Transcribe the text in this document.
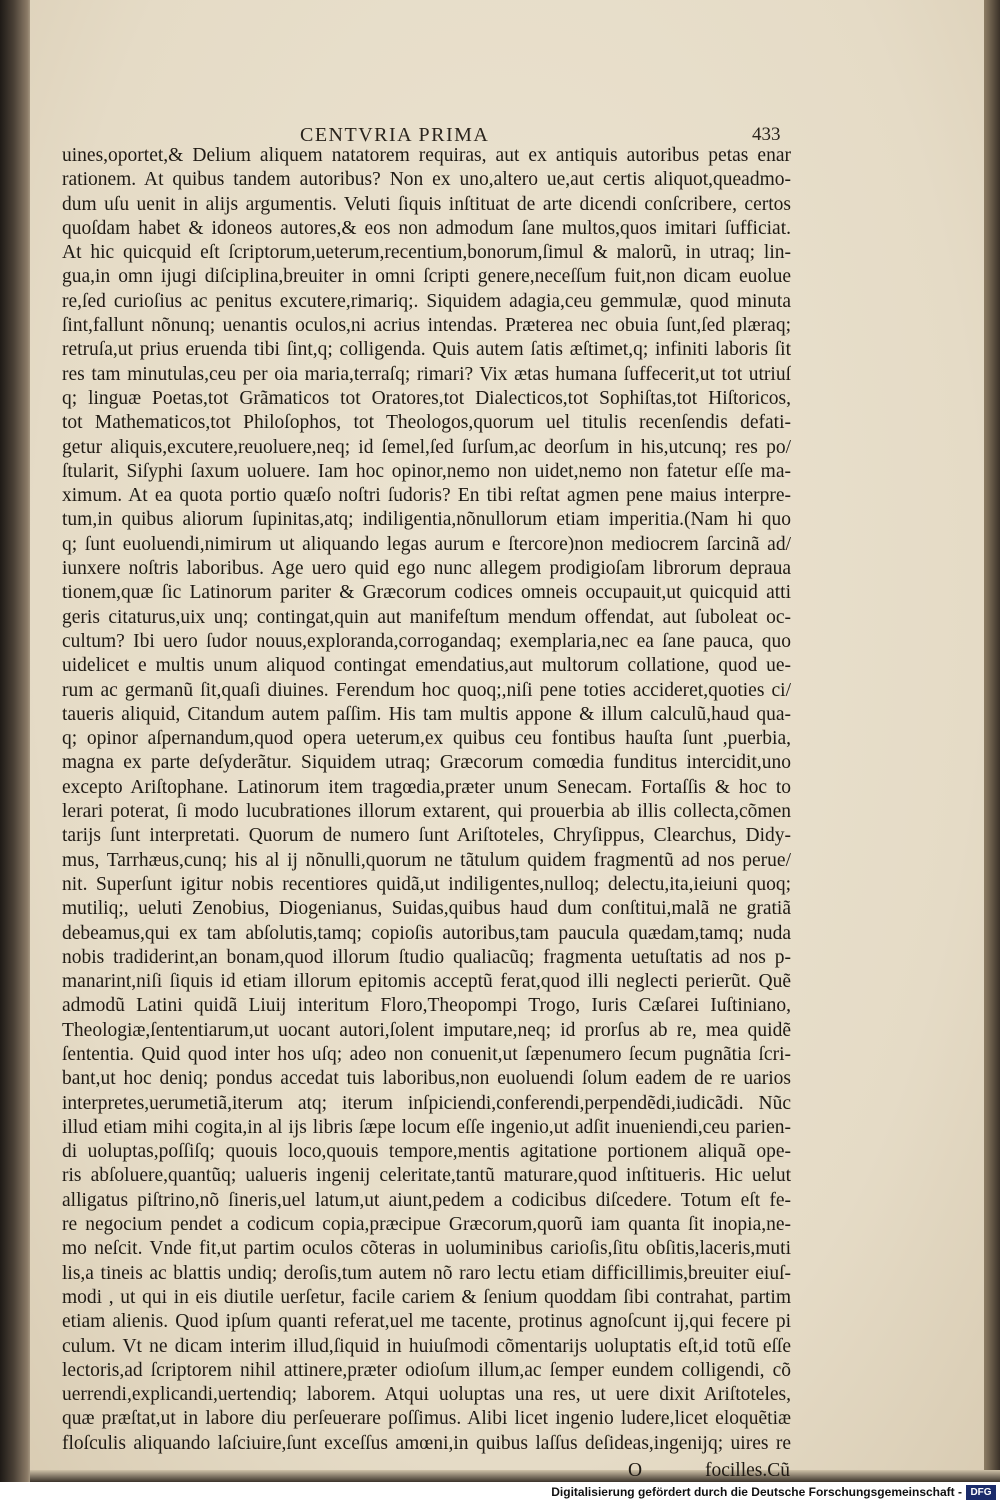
CENTVRIA PRIMA	433
uines,oportet,& Delium aliquem natatorem requiras, aut ex antiquis autoribus petas enar
rationem. At quibus tandem autoribus? Non ex uno,altero ue,aut certis aliquot,queadmo-
dum uſu uenit in alijs argumentis. Veluti ſiquis inſtituat de arte dicendi conſcribere, certos
quoſdam habet & idoneos autores,& eos non admodum ſane multos,quos imitari ſufficiat.
At hic quicquid eſt ſcriptorum,ueterum,recentium,bonorum,ſimul & malorũ, in utraq; lin-
gua,in omn ijugi diſciplina,breuiter in omni ſcripti genere,neceſſum fuit,non dicam euolue
re,ſed curioſius ac penitus excutere,rimariq;. Siquidem adagia,ceu gemmulæ, quod minuta
ſint,fallunt nõnunq; uenantis oculos,ni acrius intendas. Præterea nec obuia ſunt,ſed plæraq;
retruſa,ut prius eruenda tibi ſint,q; colligenda. Quis autem ſatis æſtimet,q; infiniti laboris ſit
res tam minutulas,ceu per oia maria,terraſq; rimari? Vix ætas humana ſuffecerit,ut tot utriuſ
q; linguæ Poetas,tot Grãmaticos tot Oratores,tot Dialecticos,tot Sophiſtas,tot Hiſtoricos,
tot Mathematicos,tot Philoſophos, tot Theologos,quorum uel titulis recenſendis defati-
getur aliquis,excutere,reuoluere,neq; id ſemel,ſed ſurſum,ac deorſum in his,utcunq; res po/
ſtularit, Siſyphi ſaxum uoluere. Iam hoc opinor,nemo non uidet,nemo non fatetur eſſe ma-
ximum. At ea quota portio quæſo noſtri ſudoris? En tibi reſtat agmen pene maius interpre-
tum,in quibus aliorum ſupinitas,atq; indiligentia,nõnullorum etiam imperitia.(Nam hi quo
q; ſunt euoluendi,nimirum ut aliquando legas aurum e ſtercore)non mediocrem ſarcinã ad/
iunxere noſtris laboribus. Age uero quid ego nunc allegem prodigioſam librorum deprauа
tionem,quæ ſic Latinorum pariter & Græcorum codices omneis occupauit,ut quicquid atti
geris citaturus,uix unq; contingat,quin aut manifeſtum mendum offendat, aut ſuboleat oc-
cultum? Ibi uero ſudor nouus,exploranda,corrogandaq; exemplaria,nec ea ſane pauca, quo
uidelicet e multis unum aliquod contingat emendatius,aut multorum collatione, quod ue-
rum ac germanũ ſit,quaſi diuines. Ferendum hoc quoq;,niſi pene toties accideret,quoties ci/
taueris aliquid, Citandum autem paſſim. His tam multis appone & illum calculũ,haud qua-
q; opinor aſpernandum,quod opera ueterum,ex quibus ceu fontibus hauſta ſunt ,puerbia,
magna ex parte deſyderãtur. Siquidem utraq; Græcorum comœdia funditus intercidit,uno
excepto Ariſtophane. Latinorum item tragœdia,præter unum Senecam. Fortaſſis & hoc to
lerari poterat, ſi modo lucubrationes illorum extarent, qui prouerbia ab illis collecta,cõmen
tarijs ſunt interpretati. Quorum de numero ſunt Ariſtoteles, Chryſippus, Clearchus, Didy-
mus, Tarrhæus,cunq; his al ij nõnulli,quorum ne tãtulum quidem fragmentũ ad nos perue/
nit. Superſunt igitur nobis recentiores quidã,ut indiligentes,nulloq; delectu,ita,ieiuni quoq;
mutiliq;, ueluti Zenobius, Diogenianus, Suidas,quibus haud dum conſtitui,malã ne gratiã
debeamus,qui ex tam abſolutis,tamq; copioſis autoribus,tam paucula quædam,tamq; nuda
nobis tradiderint,an bonam,quod illorum ſtudio qualiacũq; fragmenta uetuſtatis ad nos p-
manarint,niſi ſiquis id etiam illorum epitomis acceptũ ferat,quod illi neglecti perierũt. Quẽ
admodũ Latini quidã Liuij interitum Floro,Theopompi Trogo, Iuris Cæſarei Iuſtiniano,
Theologiæ,ſententiarum,ut uocant autori,ſolent imputare,neq; id prorſus ab re, mea quidẽ
ſententia. Quid quod inter hos uſq; adeo non conuenit,ut ſæpenumero ſecum pugnãtia ſcri-
bant,ut hoc deniq; pondus accedat tuis laboribus,non euoluendi ſolum eadem de re uarios
interpretes,uerumetiã,iterum atq; iterum inſpiciendi,conferendi,perpendẽdi,iudicãdi. Nũc
illud etiam mihi cogita,in al ijs libris ſæpe locum eſſe ingenio,ut adſit inueniendi,ceu parien-
di uoluptas,poſſiſq; quouis loco,quouis tempore,mentis agitatione portionem aliquã ope-
ris abſoluere,quantũq; ualueris ingenij celeritate,tantũ maturare,quod inſtitueris. Hic uelut
alligatus piſtrino,nõ ſineris,uel latum,ut aiunt,pedem a codicibus diſcedere. Totum eſt fe-
re negocium pendet a codicum copia,præcipue Græcorum,quorũ iam quanta ſit inopia,ne-
mo neſcit. Vnde fit,ut partim oculos cõteras in uoluminibus carioſis,ſitu obſitis,laceris,muti
lis,a tineis ac blattis undiq; deroſis,tum autem nõ raro lectu etiam difficillimis,breuiter eiuſ-
modi , ut qui in eis diutile uerſetur, facile cariem & ſenium quoddam ſibi contrahat, partim
etiam alienis. Quod ipſum quanti referat,uel me tacente, protinus agnoſcunt ij,qui fecere pi
culum. Vt ne dicam interim illud,ſiquid in huiuſmodi cõmentarijs uoluptatis eſt,id totũ eſſe
lectoris,ad ſcriptorem nihil attinere,præter odioſum illum,ac ſemper eundem colligendi, cõ
uerrendi,explicandi,uertendiq; laborem. Atqui uoluptas una res, ut uere dixit Ariſtoteles,
quæ præſtat,ut in labore diu perſeuerare poſſimus. Alibi licet ingenio ludere,licet eloquẽtiæ
floſculis aliquando laſciuire,ſunt exceſſus amœni,in quibus laſſus deſideas,ingenijq; uires re
O	focilles.Cũ
Digitalisierung gefördert durch die Deutsche Forschungsgemeinschaft - DFG
